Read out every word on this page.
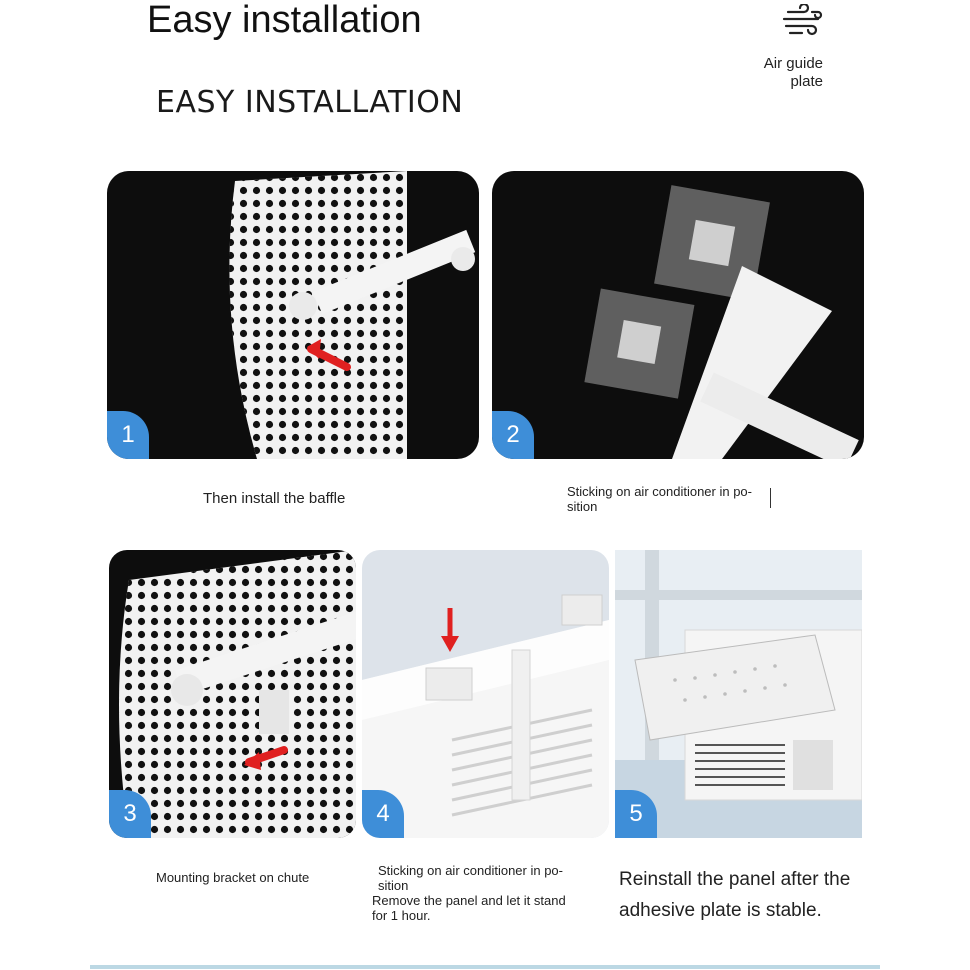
Easy installation
EASY INSTALLATION
Air guide
plate
1	2
Then install the baffle	Sticking on air conditioner in po-
sition
3	4	5
Mounting bracket on chute	Sticking on air conditioner in po-
sition
Remove the panel and let it stand
for 1 hour.
Reinstall the panel after the
adhesive plate is stable.
